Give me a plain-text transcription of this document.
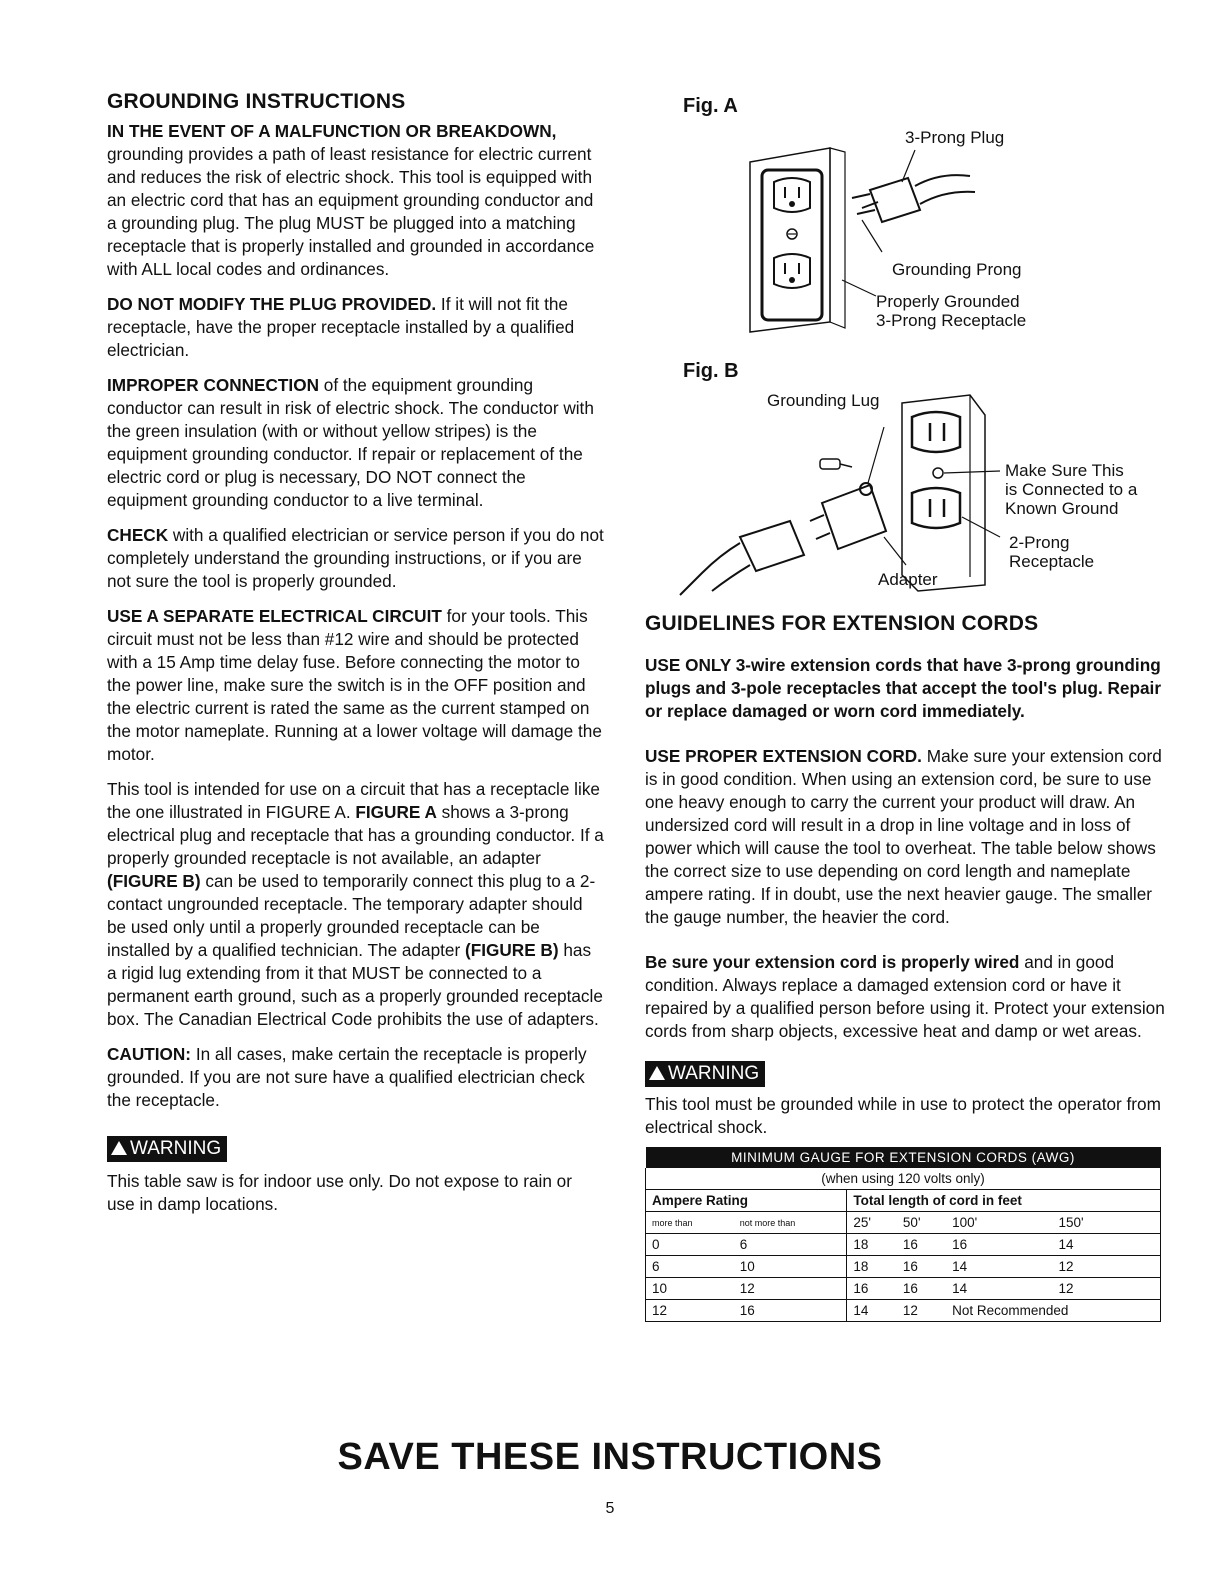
GROUNDING INSTRUCTIONS

IN THE EVENT OF A MALFUNCTION OR BREAKDOWN, grounding provides a path of least resistance for electric current and reduces the risk of electric shock. This tool is equipped with an electric cord that has an equipment grounding conductor and a grounding plug. The plug MUST be plugged into a matching receptacle that is properly installed and grounded in accordance with ALL local codes and ordinances.

DO NOT MODIFY THE PLUG PROVIDED. If it will not fit the receptacle, have the proper receptacle installed by a qualified electrician.

IMPROPER CONNECTION of the equipment grounding conductor can result in risk of electric shock. The conductor with the green insulation (with or without yellow stripes) is the equipment grounding conductor. If repair or replacement of the electric cord or plug is necessary, DO NOT connect the equipment grounding conductor to a live terminal.

CHECK with a qualified electrician or service person if you do not completely understand the grounding instructions, or if you are not sure the tool is properly grounded.

USE A SEPARATE ELECTRICAL CIRCUIT for your tools. This circuit must not be less than #12 wire and should be protected with a 15 Amp time delay fuse. Before connecting the motor to the power line, make sure the switch is in the OFF position and the electric current is rated the same as the current stamped on the motor nameplate. Running at a lower voltage will damage the motor.

This tool is intended for use on a circuit that has a receptacle like the one illustrated in FIGURE A. FIGURE A shows a 3-prong electrical plug and receptacle that has a grounding conductor. If a properly grounded receptacle is not available, an adapter (FIGURE B) can be used to temporarily connect this plug to a 2-contact ungrounded receptacle. The temporary adapter should be used only until a properly grounded receptacle can be installed by a qualified technician. The adapter (FIGURE B) has a rigid lug extending from it that MUST be connected to a permanent earth ground, such as a properly grounded receptacle box. The Canadian Electrical Code prohibits the use of adapters.

CAUTION: In all cases, make certain the receptacle is properly grounded. If you are not sure have a qualified electrician check the receptacle.

WARNING

This table saw is for indoor use only. Do not expose to rain or use in damp locations.

Fig. A
3-Prong Plug
Grounding Prong
Properly Grounded
3-Prong Receptacle
Fig. B
Grounding Lug
Make Sure This
is Connected to a
Known Ground
2-Prong
Receptacle
Adapter
GUIDELINES FOR EXTENSION CORDS

USE ONLY 3-wire extension cords that have 3-prong grounding plugs and 3-pole receptacles that accept the tool's plug. Repair or replace damaged or worn cord immediately.

USE PROPER EXTENSION CORD. Make sure your extension cord is in good condition. When using an extension cord, be sure to use one heavy enough to carry the current your product will draw. An undersized cord will result in a drop in line voltage and in loss of power which will cause the tool to overheat. The table below shows the correct size to use depending on cord length and nameplate ampere rating. If in doubt, use the next heavier gauge. The smaller the gauge number, the heavier the cord.

Be sure your extension cord is properly wired and in good condition. Always replace a damaged extension cord or have it repaired by a qualified person before using it. Protect your extension cords from sharp objects, excessive heat and damp or wet areas.

WARNING

This tool must be grounded while in use to protect the operator from electrical shock.

MINIMUM GAUGE FOR EXTENSION CORDS (AWG)					
(when using 120 volts only)					
Ampere Rating		Total length of cord in feet			
more than	not more than	25'	50'	100'	150'
0	6	18	16	16	14
6	10	18	16	14	12
10	12	16	16	14	12
12	16	14	12	Not Recommended	
SAVE THESE INSTRUCTIONS
5
